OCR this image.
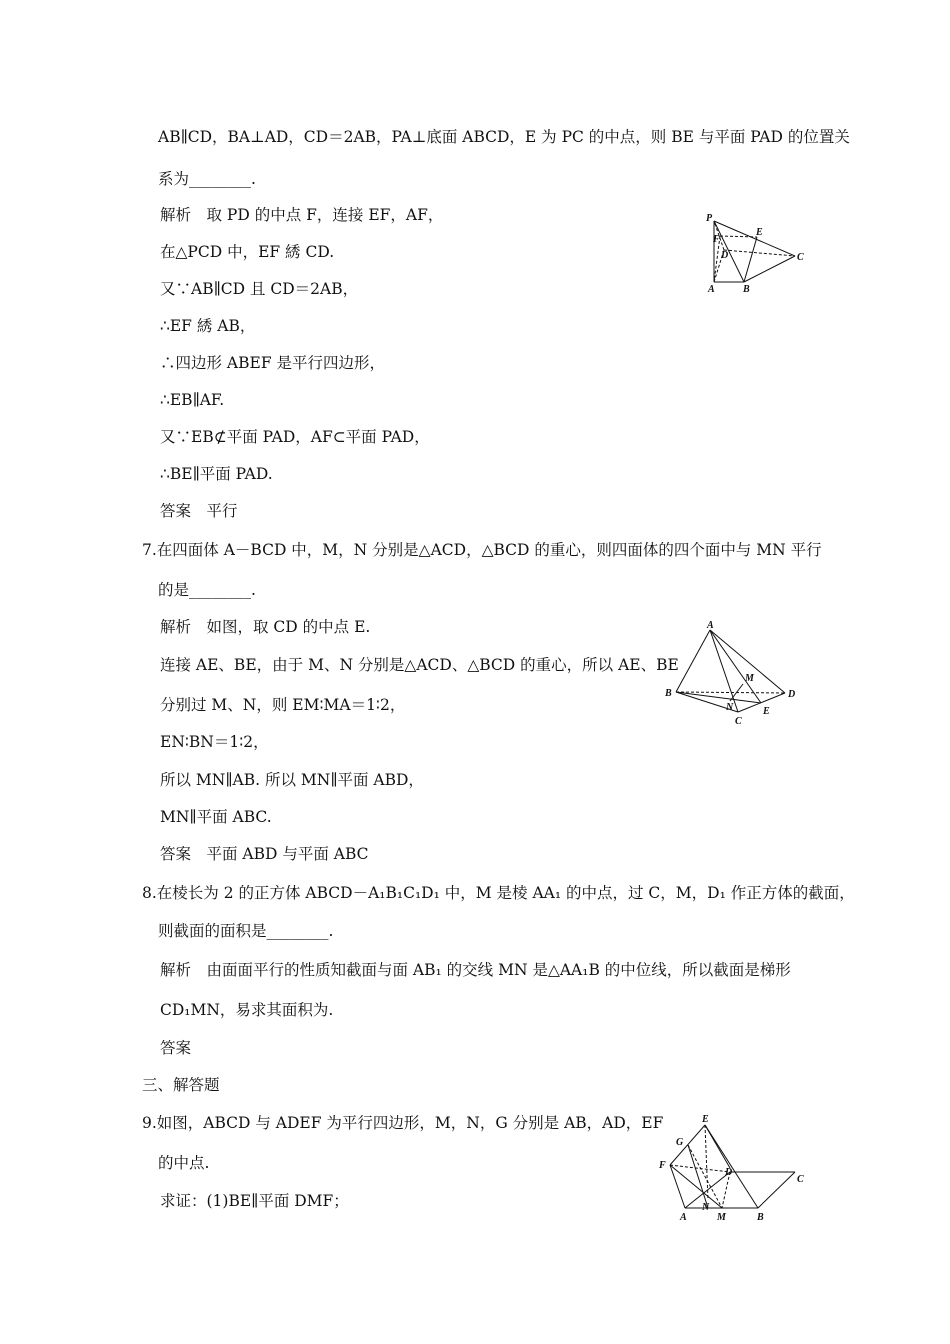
AB∥CD，BA⊥AD，CD＝2AB，PA⊥底面 ABCD，E 为 PC 的中点，则 BE 与平面 PAD 的位置关
系为________.
解析　取 PD 的中点 F，连接 EF，AF，
在△PCD 中，EF 綉 CD.
又∵AB∥CD 且 CD＝2AB，
∴EF 綉 AB，
∴四边形 ABEF 是平行四边形，
∴EB∥AF.
又∵EB⊄平面 PAD，AF⊂平面 PAD，
∴BE∥平面 PAD.
答案　平行
7.在四面体 A－BCD 中，M，N 分别是△ACD，△BCD 的重心，则四面体的四个面中与 MN 平行
的是________.
解析　如图，取 CD 的中点 E.
连接 AE、BE，由于 M、N 分别是△ACD、△BCD 的重心，所以 AE、BE
分别过 M、N，则 EM∶MA＝1∶2，
EN∶BN＝1∶2，
所以 MN∥AB. 所以 MN∥平面 ABD，
MN∥平面 ABC.
答案　平面 ABD 与平面 ABC
8.在棱长为 2 的正方体 ABCD－A₁B₁C₁D₁ 中，M 是棱 AA₁ 的中点，过 C，M，D₁ 作正方体的截面，
则截面的面积是________.
解析　由面面平行的性质知截面与面 AB₁ 的交线 MN 是△AA₁B 的中位线，所以截面是梯形
CD₁MN，易求其面积为.
答案
三、解答题
9.如图，ABCD 与 ADEF 为平行四边形，M，N，G 分别是 AB，AD，EF
的中点.
求证：(1)BE∥平面 DMF；
P
E
F
D	C
A	B
A
M
B	D
N	E
C
E
G
F
D
C
A
N
M	B
